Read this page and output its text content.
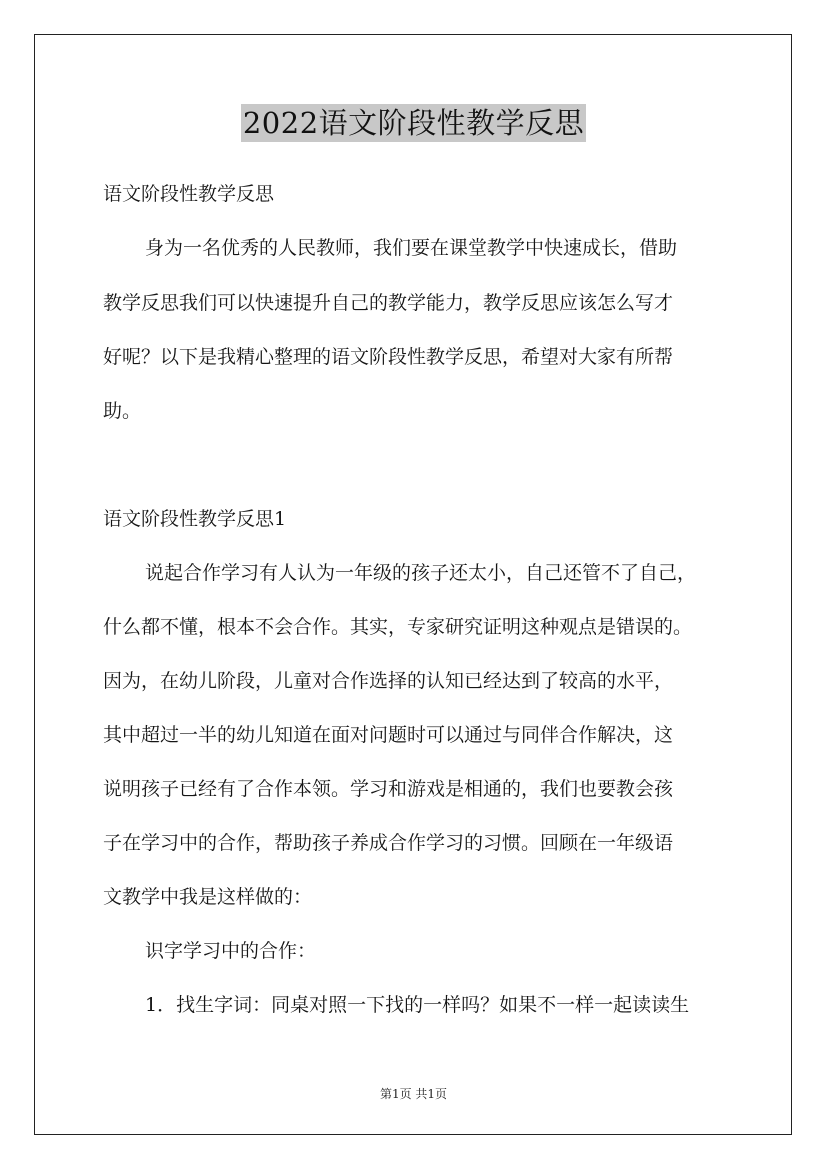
2022语文阶段性教学反思
语文阶段性教学反思
身为一名优秀的人民教师，我们要在课堂教学中快速成长，借助
教学反思我们可以快速提升自己的教学能力，教学反思应该怎么写才
好呢？以下是我精心整理的语文阶段性教学反思，希望对大家有所帮
助。
语文阶段性教学反思1
说起合作学习有人认为一年级的孩子还太小，自己还管不了自己，
什么都不懂，根本不会合作。其实，专家研究证明这种观点是错误的。
因为，在幼儿阶段，儿童对合作选择的认知已经达到了较高的水平，
其中超过一半的幼儿知道在面对问题时可以通过与同伴合作解决，这
说明孩子已经有了合作本领。学习和游戏是相通的，我们也要教会孩
子在学习中的合作，帮助孩子养成合作学习的习惯。回顾在一年级语
文教学中我是这样做的：
识字学习中的合作：
1．找生字词：同桌对照一下找的一样吗？如果不一样一起读读生
第1页 共1页
